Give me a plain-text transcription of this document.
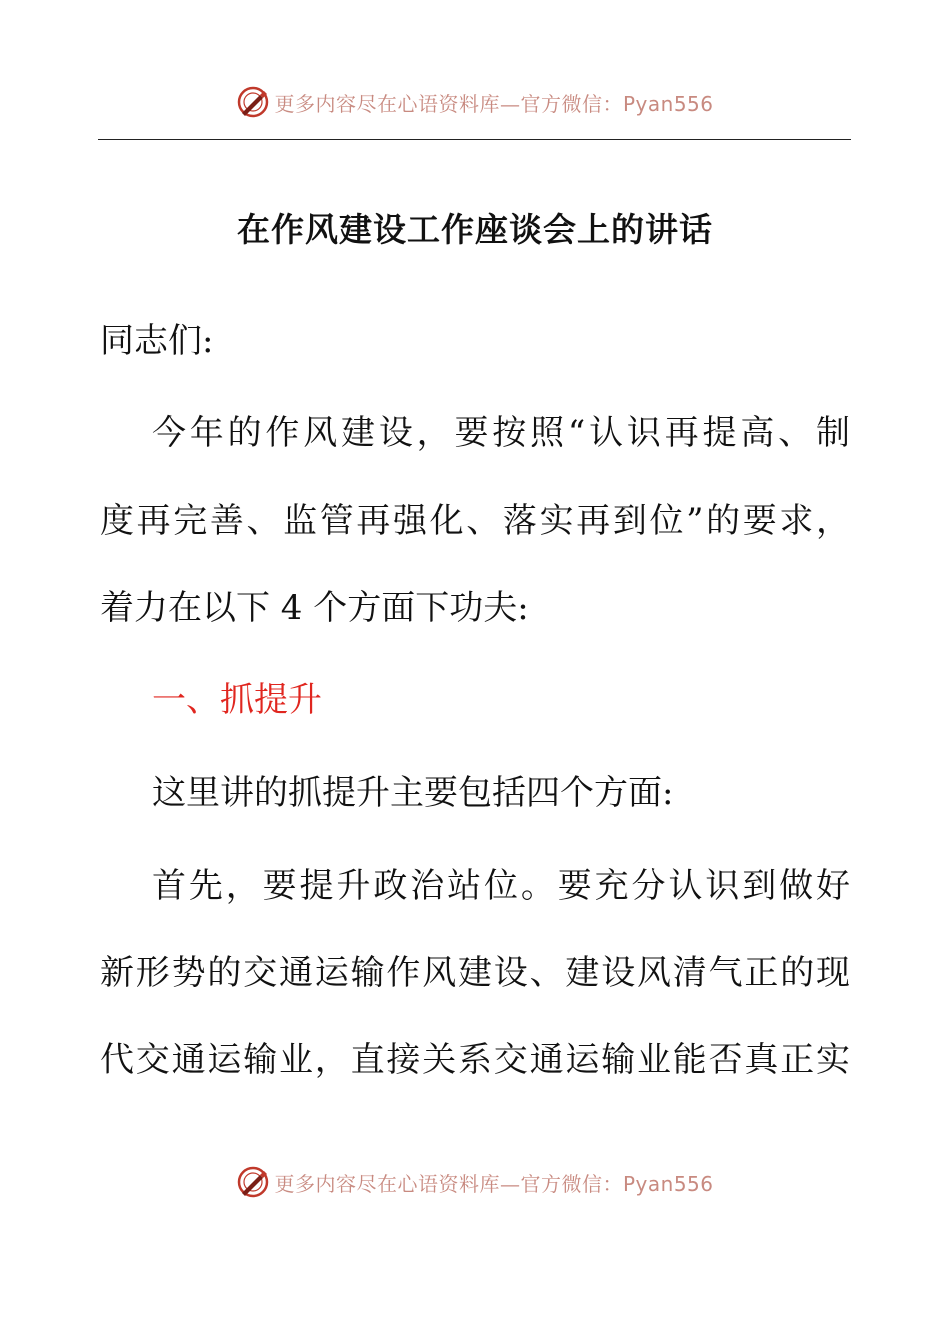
更多内容尽在心语资料库—官方微信：Pyan556
在作风建设工作座谈会上的讲话
同志们:
今年的作风建设，要按照“认识再提高、制
度再完善、监管再强化、落实再到位”的要求，
着力在以下 4 个方面下功夫:
一、抓提升
这里讲的抓提升主要包括四个方面:
首先，要提升政治站位。要充分认识到做好
新形势的交通运输作风建设、建设风清气正的现
代交通运输业，直接关系交通运输业能否真正实
更多内容尽在心语资料库—官方微信：Pyan556
